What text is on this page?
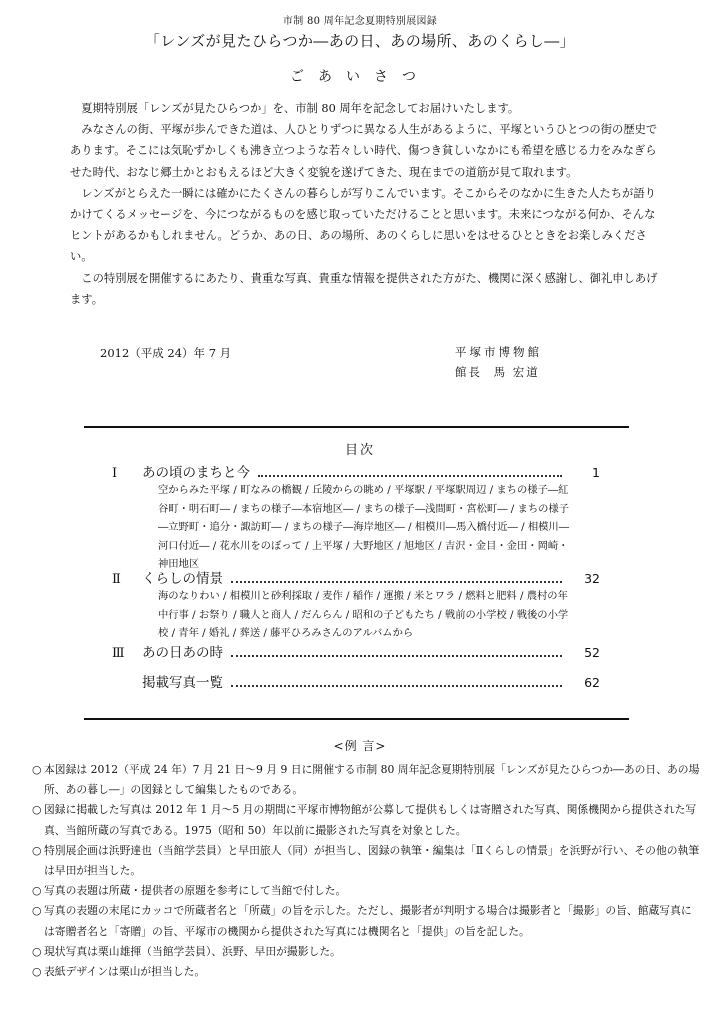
市制 80 周年記念夏期特別展図録
「レンズが見たひらつか―あの日、あの場所、あのくらし―」
ごあいさつ

夏期特別展「レンズが見たひらつか」を、市制 80 周年を記念してお届けいたします。

みなさんの街、平塚が歩んできた道は、人ひとりずつに異なる人生があるように、平塚というひとつの街の歴史であります。そこには気恥ずかしくも沸き立つような若々しい時代、傷つき貧しいなかにも希望を感じる力をみなぎらせた時代、おなじ郷土かとおもえるほど大きく変貌を遂げてきた、現在までの道筋が見て取れます。

レンズがとらえた一瞬には確かにたくさんの暮らしが写りこんでいます。そこからそのなかに生きた人たちが語りかけてくるメッセージを、今につながるものを感じ取っていただけることと思います。未来につながる何か、そんなヒントがあるかもしれません。どうか、あの日、あの場所、あのくらしに思いをはせるひとときをお楽しみください。

この特別展を開催するにあたり、貴重な写真、貴重な情報を提供された方がた、機関に深く感謝し、御礼申しあげます。

2012（平成 24）年 7 月	平塚市博物館
館長 馬 宏道
目次
Ⅰ	あの頃のまちと今	1
空からみた平塚 / 町なみの橋観 / 丘陵からの眺め / 平塚駅 / 平塚駅周辺 / まちの様子―紅谷町・明石町― / まちの様子―本宿地区― / まちの様子―浅間町・宮松町― / まちの様子―立野町・追分・諏訪町― / まちの様子―海岸地区― / 相模川―馬入橋付近― / 相模川―河口付近― / 花水川をのぼって / 上平塚 / 大野地区 / 旭地区 / 吉沢・金目・金田・岡崎・神田地区
Ⅱ	くらしの情景	32
海のなりわい / 相模川と砂利採取 / 麦作 / 稲作 / 運搬 / 米とワラ / 燃料と肥料 / 農村の年中行事 / お祭り / 職人と商人 / だんらん / 昭和の子どもたち / 戦前の小学校 / 戦後の小学校 / 青年 / 婚礼 / 葬送 / 藤平ひろみさんのアルバムから
Ⅲ	あの日あの時	52
掲載写真一覧	62
<例 言>
○ 本図録は 2012（平成 24 年）7 月 21 日～9 月 9 日に開催する市制 80 周年記念夏期特別展「レンズが見たひらつか―あの日、あの場所、あの暮し―」の図録として編集したものである。
○ 図録に掲載した写真は 2012 年 1 月～5 月の期間に平塚市博物館が公募して提供もしくは寄贈された写真、関係機関から提供された写真、当館所蔵の写真である。1975（昭和 50）年以前に撮影された写真を対象とした。
○ 特別展企画は浜野達也（当館学芸員）と早田旅人（同）が担当し、図録の執筆・編集は「Ⅱくらしの情景」を浜野が行い、その他の執筆は早田が担当した。
○ 写真の表題は所蔵・提供者の原題を参考にして当館で付した。
○ 写真の表題の末尾にカッコで所蔵者名と「所蔵」の旨を示した。ただし、撮影者が判明する場合は撮影者と「撮影」の旨、館蔵写真には寄贈者名と「寄贈」の旨、平塚市の機関から提供された写真には機関名と「提供」の旨を記した。
○ 現状写真は栗山雄揮（当館学芸員）、浜野、早田が撮影した。
○ 表紙デザインは栗山が担当した。
